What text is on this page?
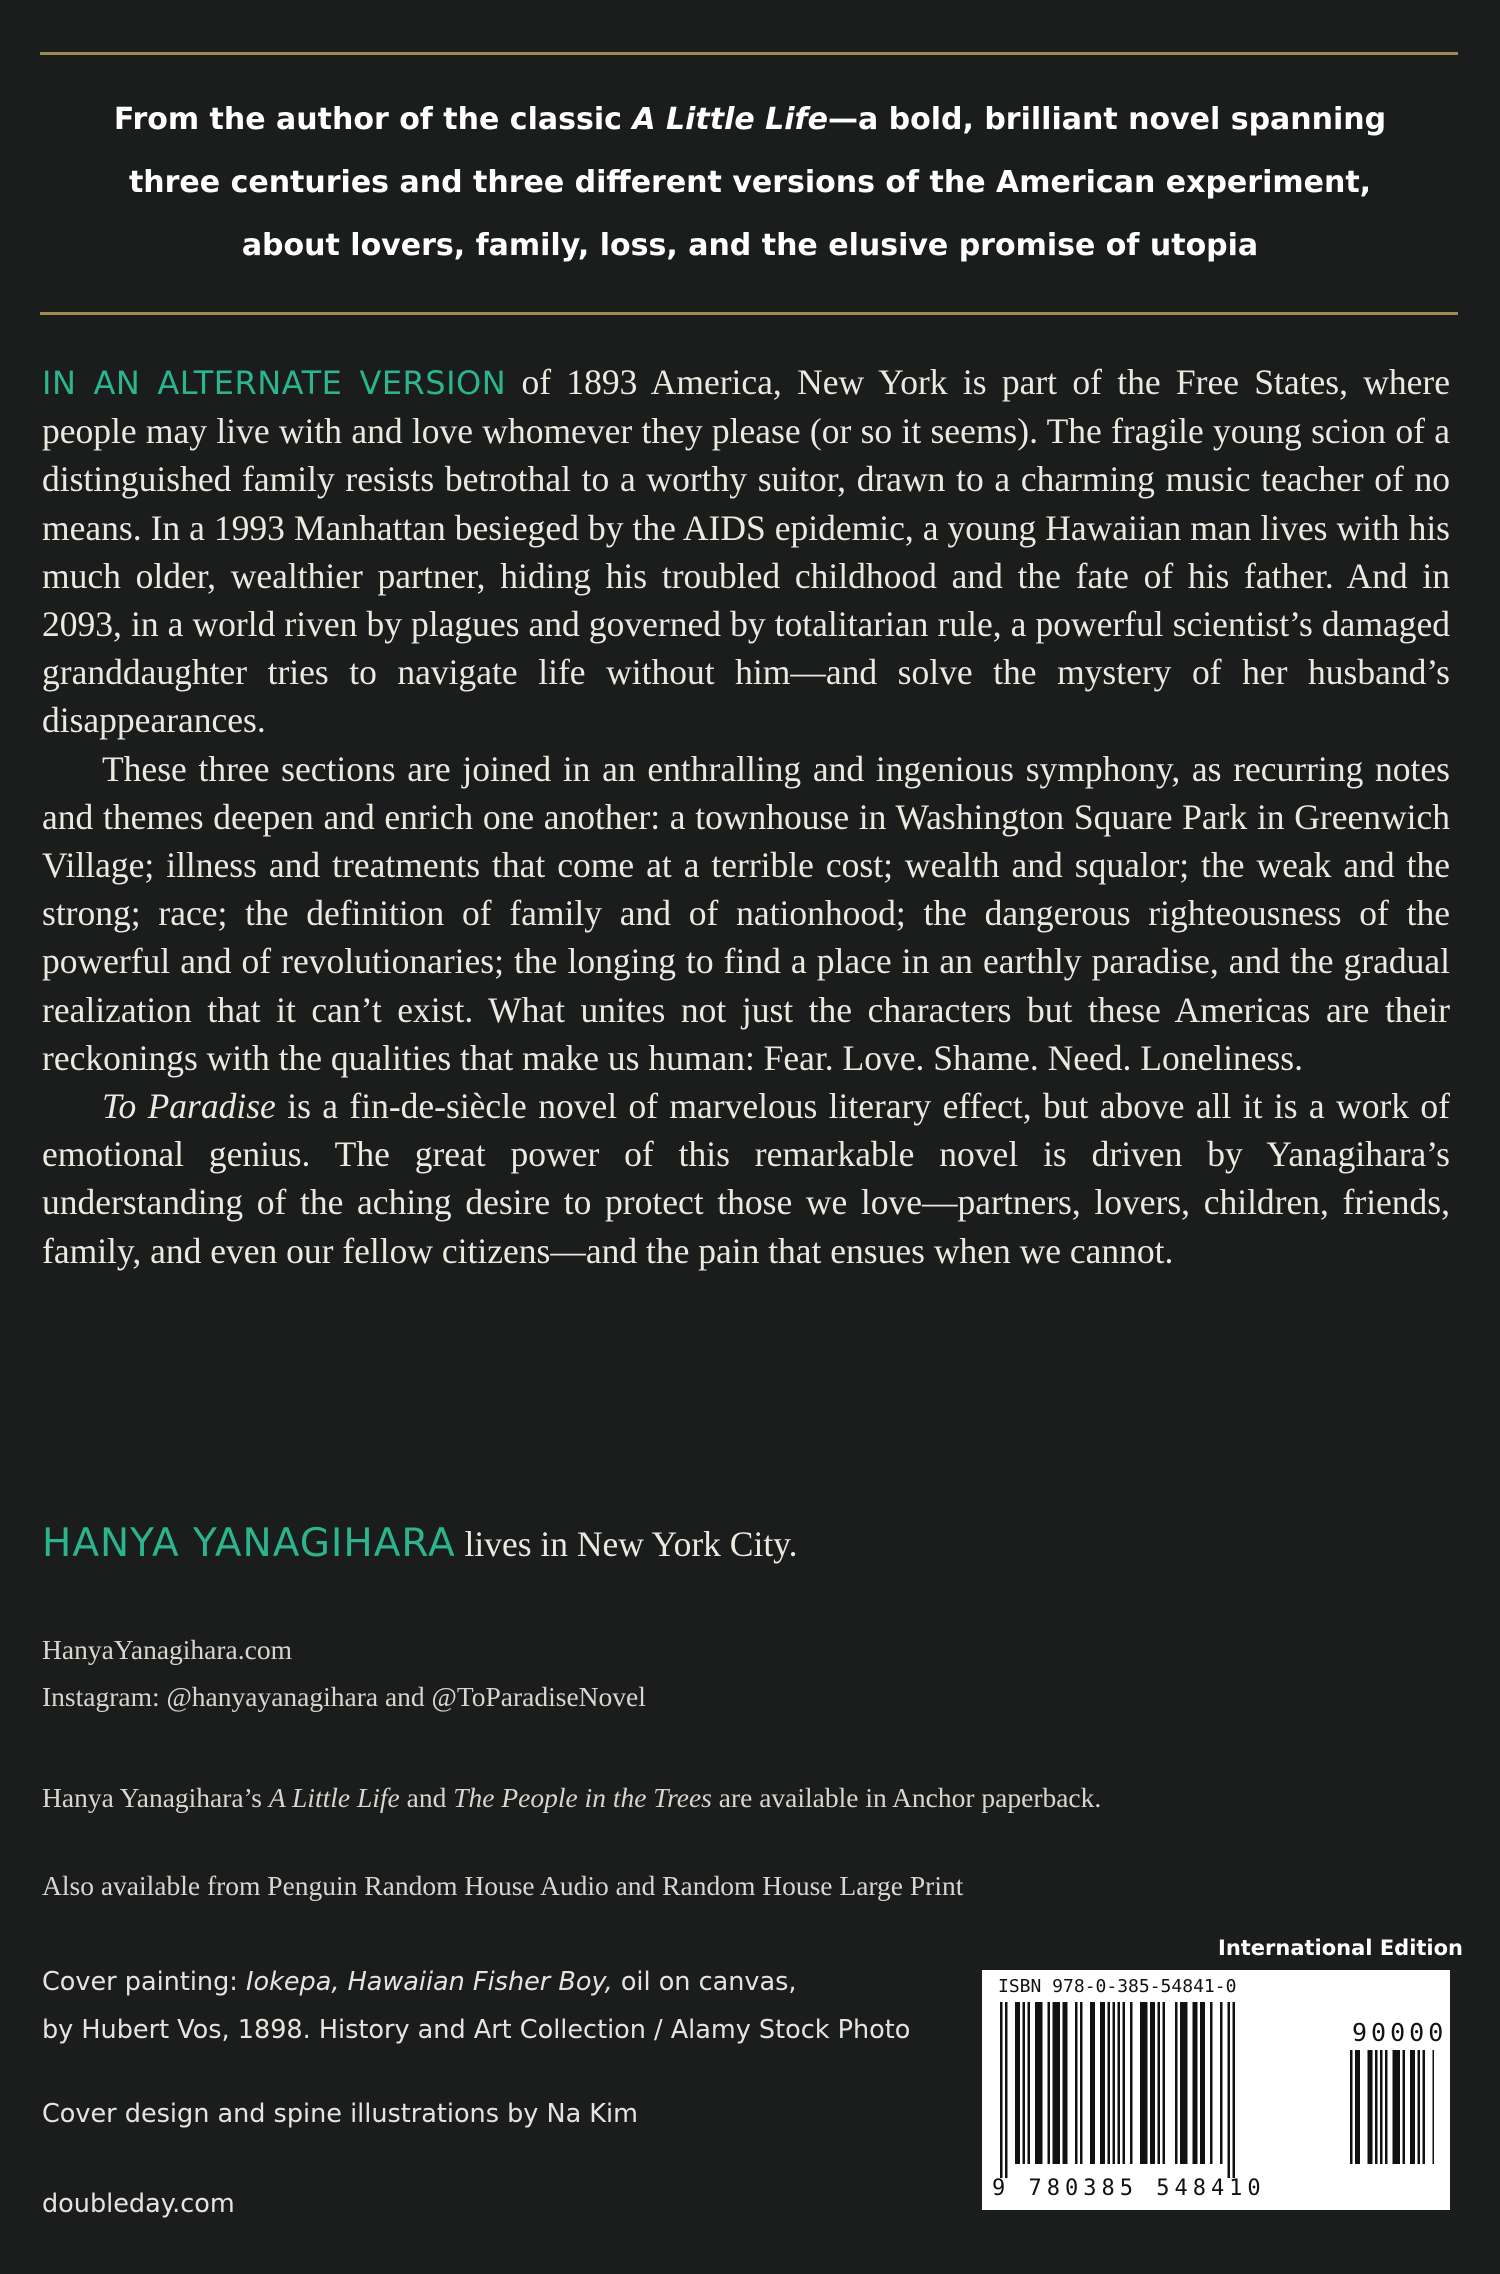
From the author of the classic A Little Life—a bold, brilliant novel spanning

three centuries and three different versions of the American experiment,

about lovers, family, loss, and the elusive promise of utopia

IN AN ALTERNATE VERSION of 1893 America, New York is part of the Free States, where people may live with and love whomever they please (or so it seems). The fragile young scion of a distinguished family resists betrothal to a worthy suitor, drawn to a charming music teacher of no means. In a 1993 Manhattan besieged by the AIDS epidemic, a young Hawaiian man lives with his much older, wealthier partner, hiding his troubled childhood and the fate of his father. And in 2093, in a world riven by plagues and governed by totalitarian rule, a powerful scientist’s damaged granddaughter tries to navigate life without him—and solve the mystery of her husband’s disappearances.

These three sections are joined in an enthralling and ingenious symphony, as recurring notes and themes deepen and enrich one another: a townhouse in Washington Square Park in Greenwich Village; illness and treatments that come at a terrible cost; wealth and squalor; the weak and the strong; race; the definition of family and of nationhood; the dangerous righteousness of the powerful and of revolutionaries; the longing to find a place in an earthly paradise, and the gradual realization that it can’t exist. What unites not just the characters but these Americas are their reckonings with the qualities that make us human: Fear. Love. Shame. Need. Loneliness.

To Paradise is a fin-de-siècle novel of marvelous literary effect, but above all it is a work of emotional genius. The great power of this remarkable novel is driven by Yanagihara’s understanding of the aching desire to protect those we love—partners, lovers, children, friends, family, and even our fellow citizens—and the pain that ensues when we cannot.

HANYA YANAGIHARA lives in New York City.
HanyaYanagihara.com
Instagram: @hanyayanagihara and @ToParadiseNovel
Hanya Yanagihara’s A Little Life and The People in the Trees are available in Anchor paperback.
Also available from Penguin Random House Audio and Random House Large Print
Cover painting: Iokepa, Hawaiian Fisher Boy, oil on canvas,
by Hubert Vos, 1898. History and Art Collection / Alamy Stock Photo
Cover design and spine illustrations by Na Kim
doubleday.com
International Edition
ISBN 978-0-385-54841-0
90000
9 780385 548410
